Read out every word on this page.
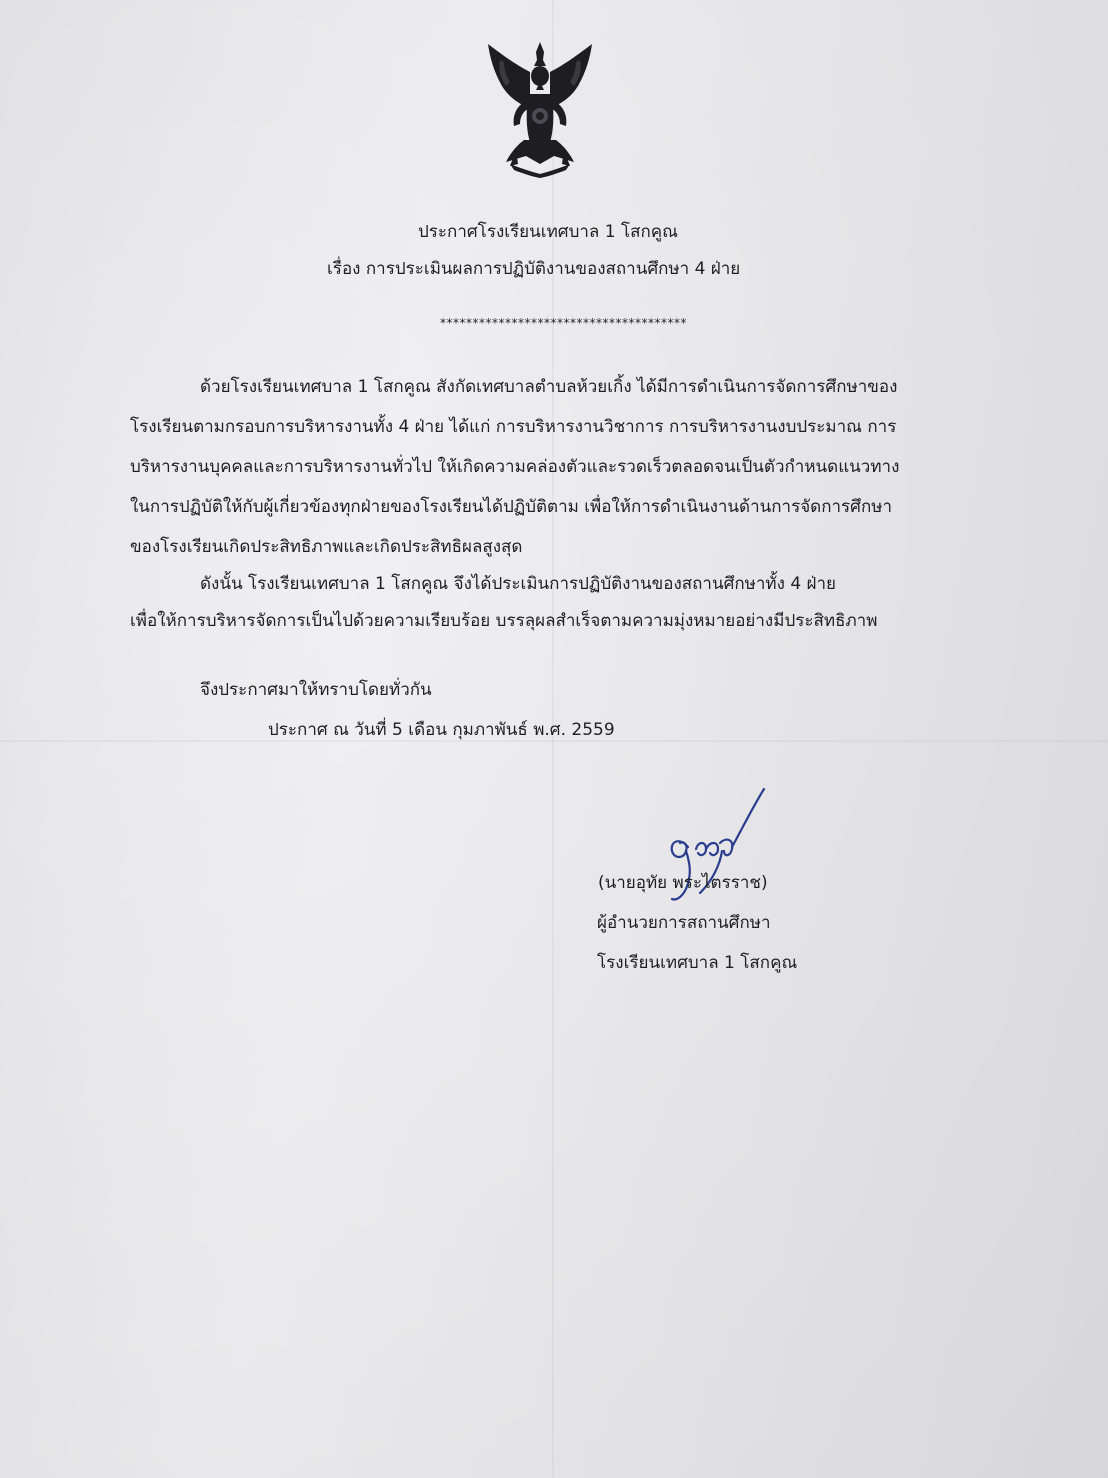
ประกาศโรงเรียนเทศบาล 1 โสกคูณ

เรื่อง การประเมินผลการปฏิบัติงานของสถานศึกษา 4 ฝ่าย

**************************************

ด้วยโรงเรียนเทศบาล 1 โสกคูณ สังกัดเทศบาลตำบลห้วยเกิ้ง ได้มีการดำเนินการจัดการศึกษาของ

โรงเรียนตามกรอบการบริหารงานทั้ง 4 ฝ่าย ได้แก่ การบริหารงานวิชาการ การบริหารงานงบประมาณ การ

บริหารงานบุคคลและการบริหารงานทั่วไป ให้เกิดความคล่องตัวและรวดเร็วตลอดจนเป็นตัวกำหนดแนวทาง

ในการปฏิบัติให้กับผู้เกี่ยวข้องทุกฝ่ายของโรงเรียนได้ปฏิบัติตาม เพื่อให้การดำเนินงานด้านการจัดการศึกษา

ของโรงเรียนเกิดประสิทธิภาพและเกิดประสิทธิผลสูงสุด

ดังนั้น โรงเรียนเทศบาล 1 โสกคูณ จึงได้ประเมินการปฏิบัติงานของสถานศึกษาทั้ง 4 ฝ่าย

เพื่อให้การบริหารจัดการเป็นไปด้วยความเรียบร้อย บรรลุผลสำเร็จตามความมุ่งหมายอย่างมีประสิทธิภาพ

จึงประกาศมาให้ทราบโดยทั่วกัน

ประกาศ ณ วันที่ 5 เดือน กุมภาพันธ์ พ.ศ. 2559

(นายอุทัย พระไตรราช)

ผู้อำนวยการสถานศึกษา

โรงเรียนเทศบาล 1 โสกคูณ
